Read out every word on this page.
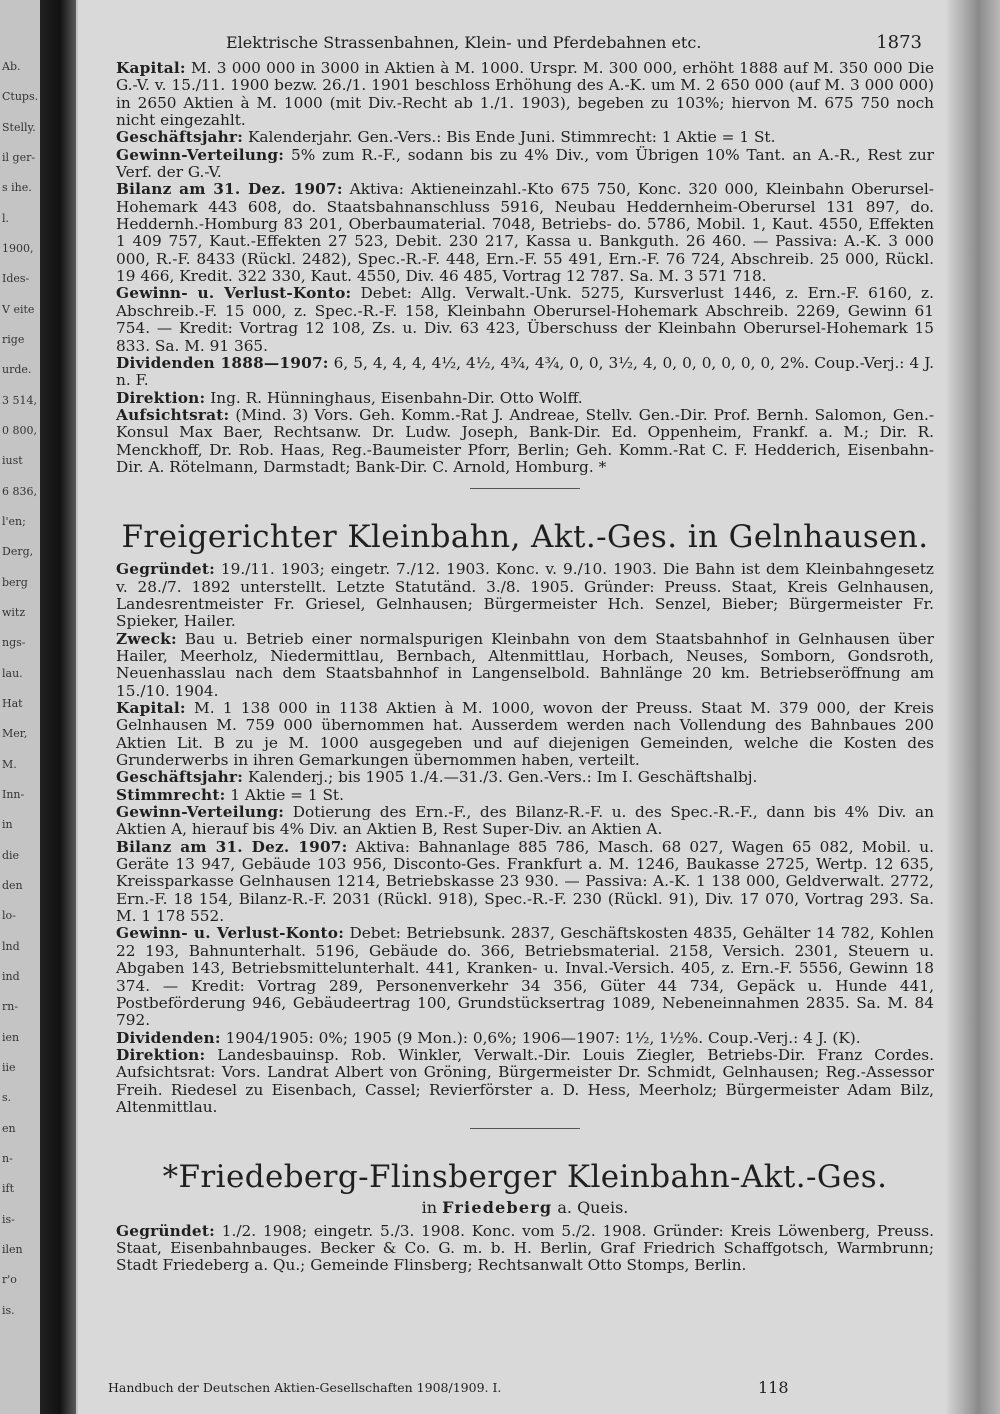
Ab.
Ctups.
Stelly.
il ger-
s ihe.
l.
1900,
Ides-
V eite
rige
urde.
3 514,
0 800,
iust
6 836,
l'en;
Derg,
berg
witz
ngs-
lau.
Hat
Mer,
M.
Inn-
in
die
den
lo-
lnd
ind
rn-
ien
iie
s.
en
n-
ift
is-
ilen
r'o
is.
Elektrische Strassenbahnen, Klein- und Pferdebahnen etc.	1873

Kapital: M. 3 000 000 in 3000 in Aktien à M. 1000. Urspr. M. 300 000, erhöht 1888 auf M. 350 000 Die G.-V. v. 15./11. 1900 bezw. 26./1. 1901 beschloss Erhöhung des A.-K. um M. 2 650 000 (auf M. 3 000 000) in 2650 Aktien à M. 1000 (mit Div.-Recht ab 1./1. 1903), begeben zu 103%; hiervon M. 675 750 noch nicht eingezahlt.

Geschäftsjahr: Kalenderjahr. Gen.-Vers.: Bis Ende Juni. Stimmrecht: 1 Aktie = 1 St.

Gewinn-Verteilung: 5% zum R.-F., sodann bis zu 4% Div., vom Übrigen 10% Tant. an A.-R., Rest zur Verf. der G.-V.

Bilanz am 31. Dez. 1907: Aktiva: Aktieneinzahl.-Kto 675 750, Konc. 320 000, Kleinbahn Oberursel-Hohemark 443 608, do. Staatsbahnanschluss 5916, Neubau Heddernheim-Oberursel 131 897, do. Heddernh.-Homburg 83 201, Oberbaumaterial. 7048, Betriebs- do. 5786, Mobil. 1, Kaut. 4550, Effekten 1 409 757, Kaut.-Effekten 27 523, Debit. 230 217, Kassa u. Bankguth. 26 460. — Passiva: A.-K. 3 000 000, R.-F. 8433 (Rückl. 2482), Spec.-R.-F. 448, Ern.-F. 55 491, Ern.-F. 76 724, Abschreib. 25 000, Rückl. 19 466, Kredit. 322 330, Kaut. 4550, Div. 46 485, Vortrag 12 787. Sa. M. 3 571 718.

Gewinn- u. Verlust-Konto: Debet: Allg. Verwalt.-Unk. 5275, Kursverlust 1446, z. Ern.-F. 6160, z. Abschreib.-F. 15 000, z. Spec.-R.-F. 158, Kleinbahn Oberursel-Hohemark Abschreib. 2269, Gewinn 61 754. — Kredit: Vortrag 12 108, Zs. u. Div. 63 423, Überschuss der Kleinbahn Oberursel-Hohemark 15 833. Sa. M. 91 365.

Dividenden 1888—1907: 6, 5, 4, 4, 4, 4½, 4½, 4¾, 4¾, 0, 0, 3½, 4, 0, 0, 0, 0, 0, 0, 2%. Coup.-Verj.: 4 J. n. F.

Direktion: Ing. R. Hünninghaus, Eisenbahn-Dir. Otto Wolff.

Aufsichtsrat: (Mind. 3) Vors. Geh. Komm.-Rat J. Andreae, Stellv. Gen.-Dir. Prof. Bernh. Salomon, Gen.-Konsul Max Baer, Rechtsanw. Dr. Ludw. Joseph, Bank-Dir. Ed. Oppenheim, Frankf. a. M.; Dir. R. Menckhoff, Dr. Rob. Haas, Reg.-Baumeister Pforr, Berlin; Geh. Komm.-Rat C. F. Hedderich, Eisenbahn-Dir. A. Rötelmann, Darmstadt; Bank-Dir. C. Arnold, Homburg. *

Freigerichter Kleinbahn, Akt.-Ges. in Gelnhausen.

Gegründet: 19./11. 1903; eingetr. 7./12. 1903. Konc. v. 9./10. 1903. Die Bahn ist dem Kleinbahngesetz v. 28./7. 1892 unterstellt. Letzte Statutänd. 3./8. 1905. Gründer: Preuss. Staat, Kreis Gelnhausen, Landesrentmeister Fr. Griesel, Gelnhausen; Bürgermeister Hch. Senzel, Bieber; Bürgermeister Fr. Spieker, Hailer.

Zweck: Bau u. Betrieb einer normalspurigen Kleinbahn von dem Staatsbahnhof in Gelnhausen über Hailer, Meerholz, Niedermittlau, Bernbach, Altenmittlau, Horbach, Neuses, Somborn, Gondsroth, Neuenhasslau nach dem Staatsbahnhof in Langenselbold. Bahnlänge 20 km. Betriebseröffnung am 15./10. 1904.

Kapital: M. 1 138 000 in 1138 Aktien à M. 1000, wovon der Preuss. Staat M. 379 000, der Kreis Gelnhausen M. 759 000 übernommen hat. Ausserdem werden nach Vollendung des Bahnbaues 200 Aktien Lit. B zu je M. 1000 ausgegeben und auf diejenigen Gemeinden, welche die Kosten des Grunderwerbs in ihren Gemarkungen übernommen haben, verteilt.

Geschäftsjahr: Kalenderj.; bis 1905 1./4.—31./3. Gen.-Vers.: Im I. Geschäftshalbj.

Stimmrecht: 1 Aktie = 1 St.

Gewinn-Verteilung: Dotierung des Ern.-F., des Bilanz-R.-F. u. des Spec.-R.-F., dann bis 4% Div. an Aktien A, hierauf bis 4% Div. an Aktien B, Rest Super-Div. an Aktien A.

Bilanz am 31. Dez. 1907: Aktiva: Bahnanlage 885 786, Masch. 68 027, Wagen 65 082, Mobil. u. Geräte 13 947, Gebäude 103 956, Disconto-Ges. Frankfurt a. M. 1246, Baukasse 2725, Wertp. 12 635, Kreissparkasse Gelnhausen 1214, Betriebskasse 23 930. — Passiva: A.-K. 1 138 000, Geldverwalt. 2772, Ern.-F. 18 154, Bilanz-R.-F. 2031 (Rückl. 918), Spec.-R.-F. 230 (Rückl. 91), Div. 17 070, Vortrag 293. Sa. M. 1 178 552.

Gewinn- u. Verlust-Konto: Debet: Betriebsunk. 2837, Geschäftskosten 4835, Gehälter 14 782, Kohlen 22 193, Bahnunterhalt. 5196, Gebäude do. 366, Betriebsmaterial. 2158, Versich. 2301, Steuern u. Abgaben 143, Betriebsmittelunterhalt. 441, Kranken- u. Inval.-Versich. 405, z. Ern.-F. 5556, Gewinn 18 374. — Kredit: Vortrag 289, Personenverkehr 34 356, Güter 44 734, Gepäck u. Hunde 441, Postbeförderung 946, Gebäudeertrag 100, Grundstücksertrag 1089, Nebeneinnahmen 2835. Sa. M. 84 792.

Dividenden: 1904/1905: 0%; 1905 (9 Mon.): 0,6%; 1906—1907: 1½, 1½%. Coup.-Verj.: 4 J. (K).

Direktion: Landesbauinsp. Rob. Winkler, Verwalt.-Dir. Louis Ziegler, Betriebs-Dir. Franz Cordes. Aufsichtsrat: Vors. Landrat Albert von Gröning, Bürgermeister Dr. Schmidt, Gelnhausen; Reg.-Assessor Freih. Riedesel zu Eisenbach, Cassel; Revierförster a. D. Hess, Meerholz; Bürgermeister Adam Bilz, Altenmittlau.

*Friedeberg-Flinsberger Kleinbahn-Akt.-Ges.
in Friedeberg a. Queis.

Gegründet: 1./2. 1908; eingetr. 5./3. 1908. Konc. vom 5./2. 1908. Gründer: Kreis Löwenberg, Preuss. Staat, Eisenbahnbauges. Becker & Co. G. m. b. H. Berlin, Graf Friedrich Schaffgotsch, Warmbrunn; Stadt Friedeberg a. Qu.; Gemeinde Flinsberg; Rechtsanwalt Otto Stomps, Berlin.

Handbuch der Deutschen Aktien-Gesellschaften 1908/1909. I.	118
